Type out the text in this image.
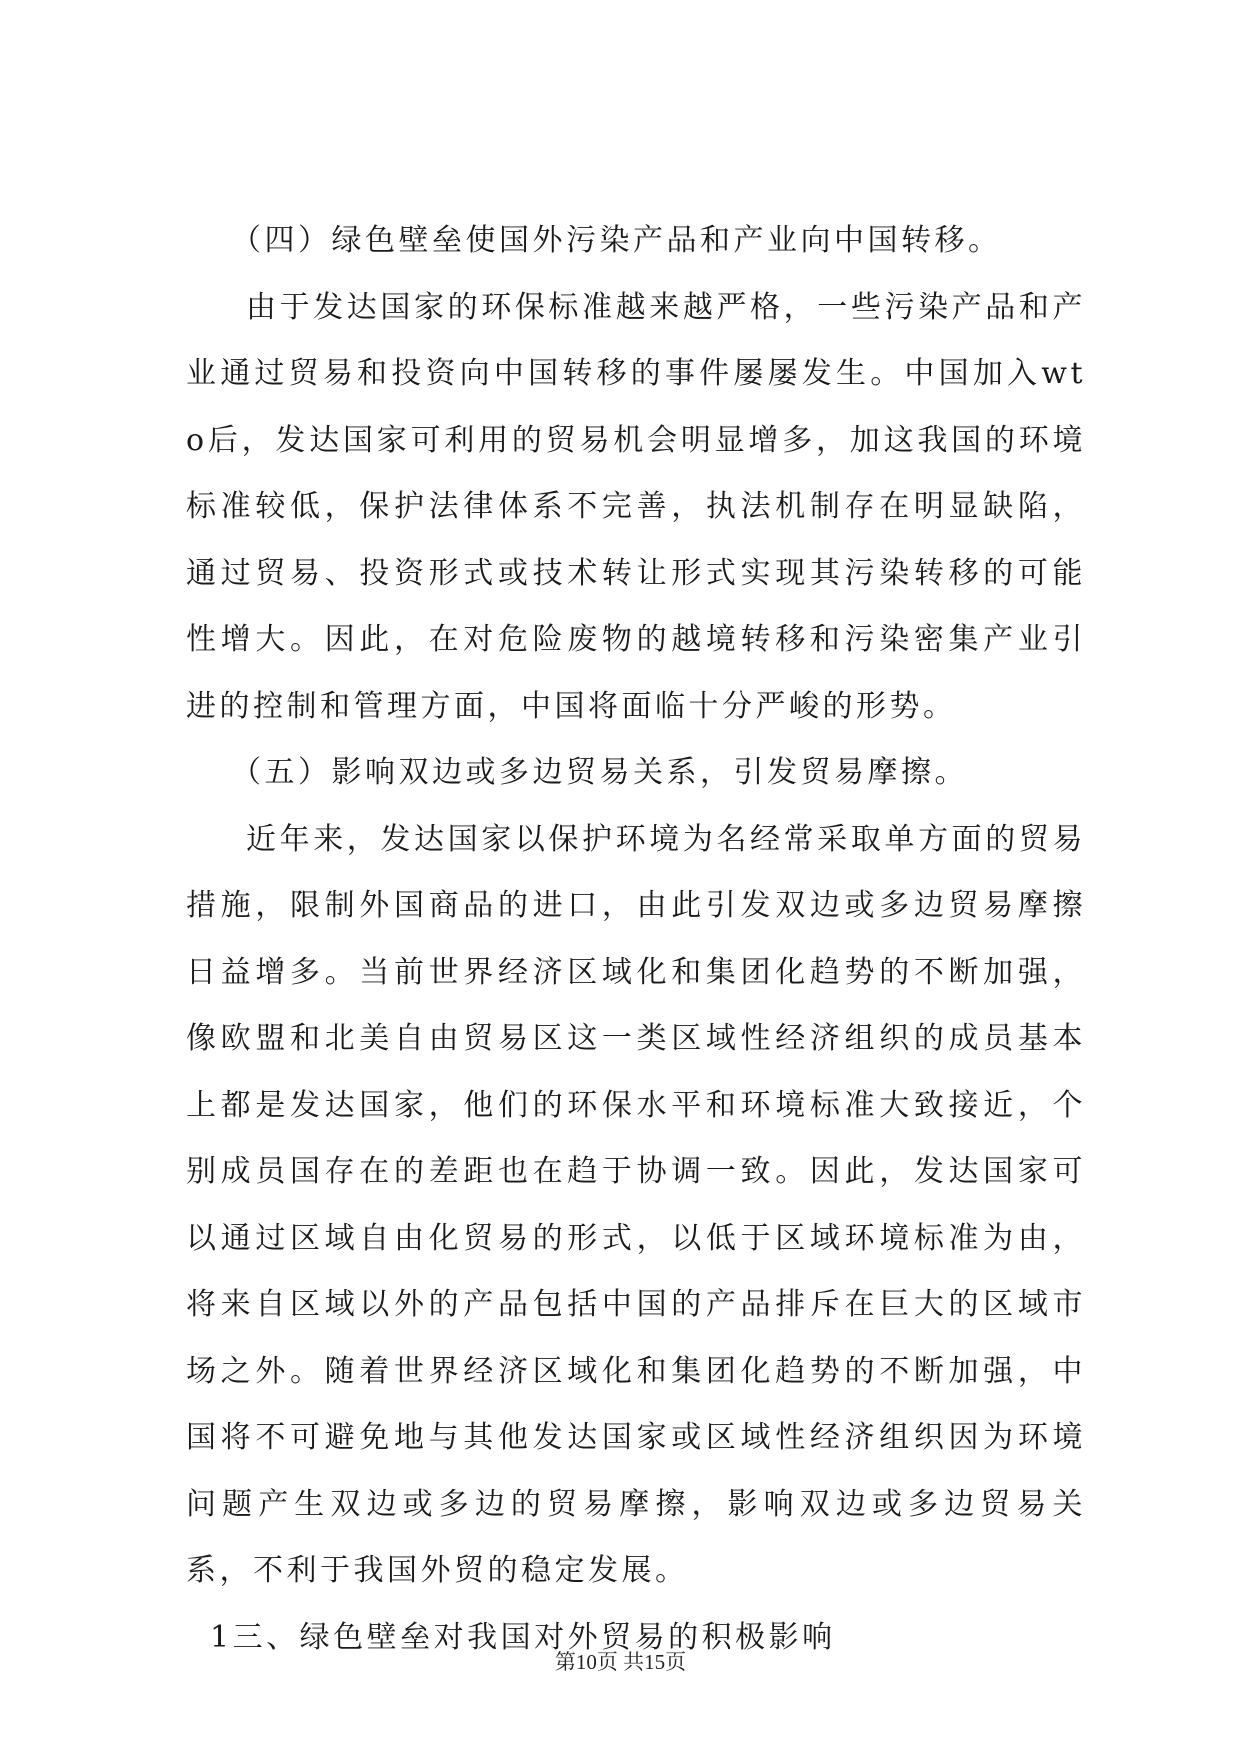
（四）绿色壁垒使国外污染产品和产业向中国转移。

由于发达国家的环保标准越来越严格，一些污染产品和产业通过贸易和投资向中国转移的事件屡屡发生。中国加入wto后，发达国家可利用的贸易机会明显增多，加这我国的环境标准较低，保护法律体系不完善，执法机制存在明显缺陷，通过贸易、投资形式或技术转让形式实现其污染转移的可能性增大。因此，在对危险废物的越境转移和污染密集产业引进的控制和管理方面，中国将面临十分严峻的形势。

（五）影响双边或多边贸易关系，引发贸易摩擦。

近年来，发达国家以保护环境为名经常采取单方面的贸易措施，限制外国商品的进口，由此引发双边或多边贸易摩擦日益增多。当前世界经济区域化和集团化趋势的不断加强，像欧盟和北美自由贸易区这一类区域性经济组织的成员基本上都是发达国家，他们的环保水平和环境标准大致接近，个别成员国存在的差距也在趋于协调一致。因此，发达国家可以通过区域自由化贸易的形式，以低于区域环境标准为由，将来自区域以外的产品包括中国的产品排斥在巨大的区域市场之外。随着世界经济区域化和集团化趋势的不断加强，中国将不可避免地与其他发达国家或区域性经济组织因为环境问题产生双边或多边的贸易摩擦，影响双边或多边贸易关系，不利于我国外贸的稳定发展。

1三、绿色壁垒对我国对外贸易的积极影响

第10页 共15页
